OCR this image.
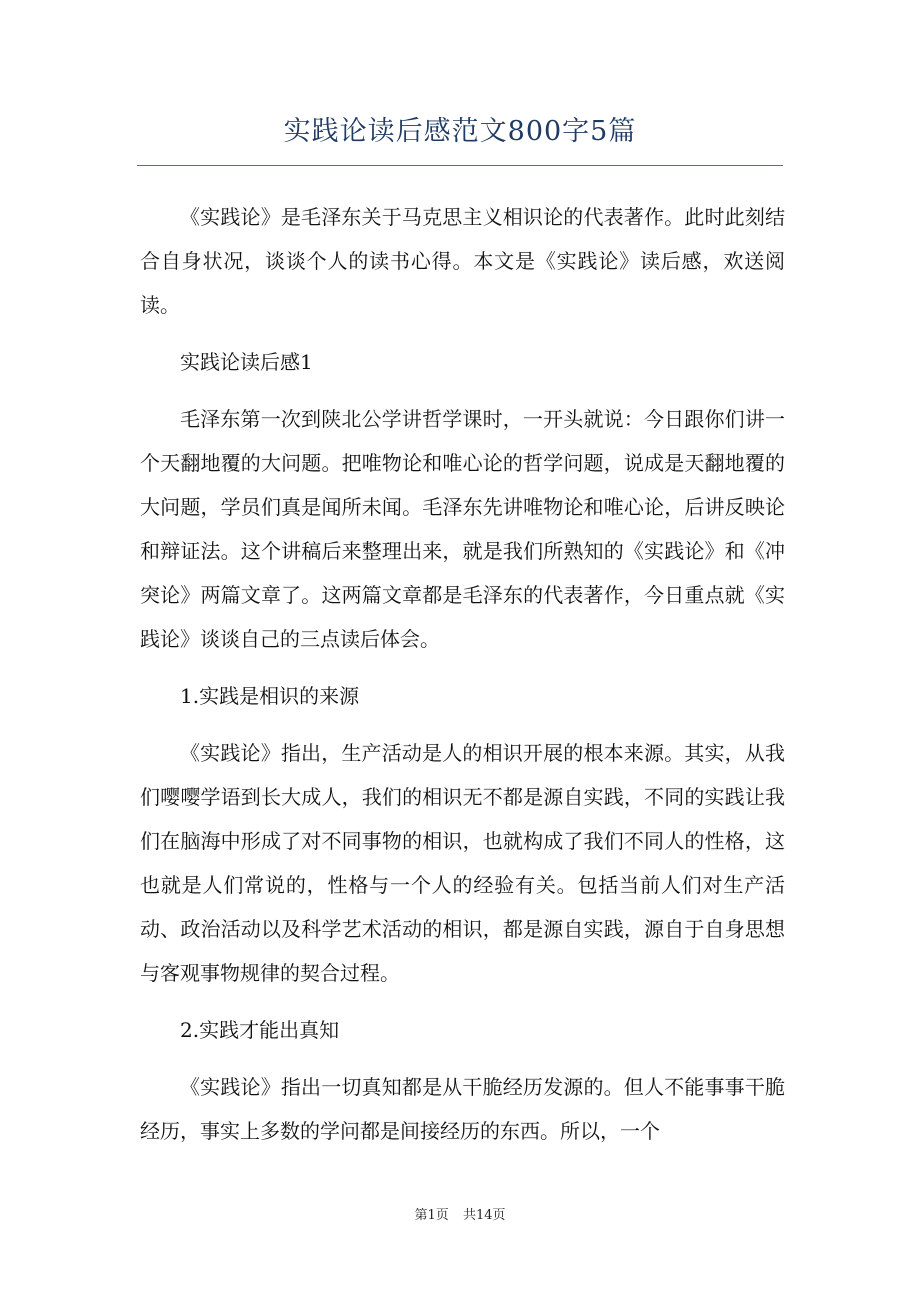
实践论读后感范文800字5篇

《实践论》是毛泽东关于马克思主义相识论的代表著作。此时此刻结合自身状况，谈谈个人的读书心得。本文是《实践论》读后感，欢送阅读。

实践论读后感1

毛泽东第一次到陕北公学讲哲学课时，一开头就说：今日跟你们讲一个天翻地覆的大问题。把唯物论和唯心论的哲学问题，说成是天翻地覆的大问题，学员们真是闻所未闻。毛泽东先讲唯物论和唯心论，后讲反映论和辩证法。这个讲稿后来整理出来，就是我们所熟知的《实践论》和《冲突论》两篇文章了。这两篇文章都是毛泽东的代表著作，今日重点就《实践论》谈谈自己的三点读后体会。

1.实践是相识的来源

《实践论》指出，生产活动是人的相识开展的根本来源。其实，从我们嘤嘤学语到长大成人，我们的相识无不都是源自实践，不同的实践让我们在脑海中形成了对不同事物的相识，也就构成了我们不同人的性格，这也就是人们常说的，性格与一个人的经验有关。包括当前人们对生产活动、政治活动以及科学艺术活动的相识，都是源自实践，源自于自身思想与客观事物规律的契合过程。

2.实践才能出真知

《实践论》指出一切真知都是从干脆经历发源的。但人不能事事干脆经历，事实上多数的学问都是间接经历的东西。所以，一个

第1页 共14页
